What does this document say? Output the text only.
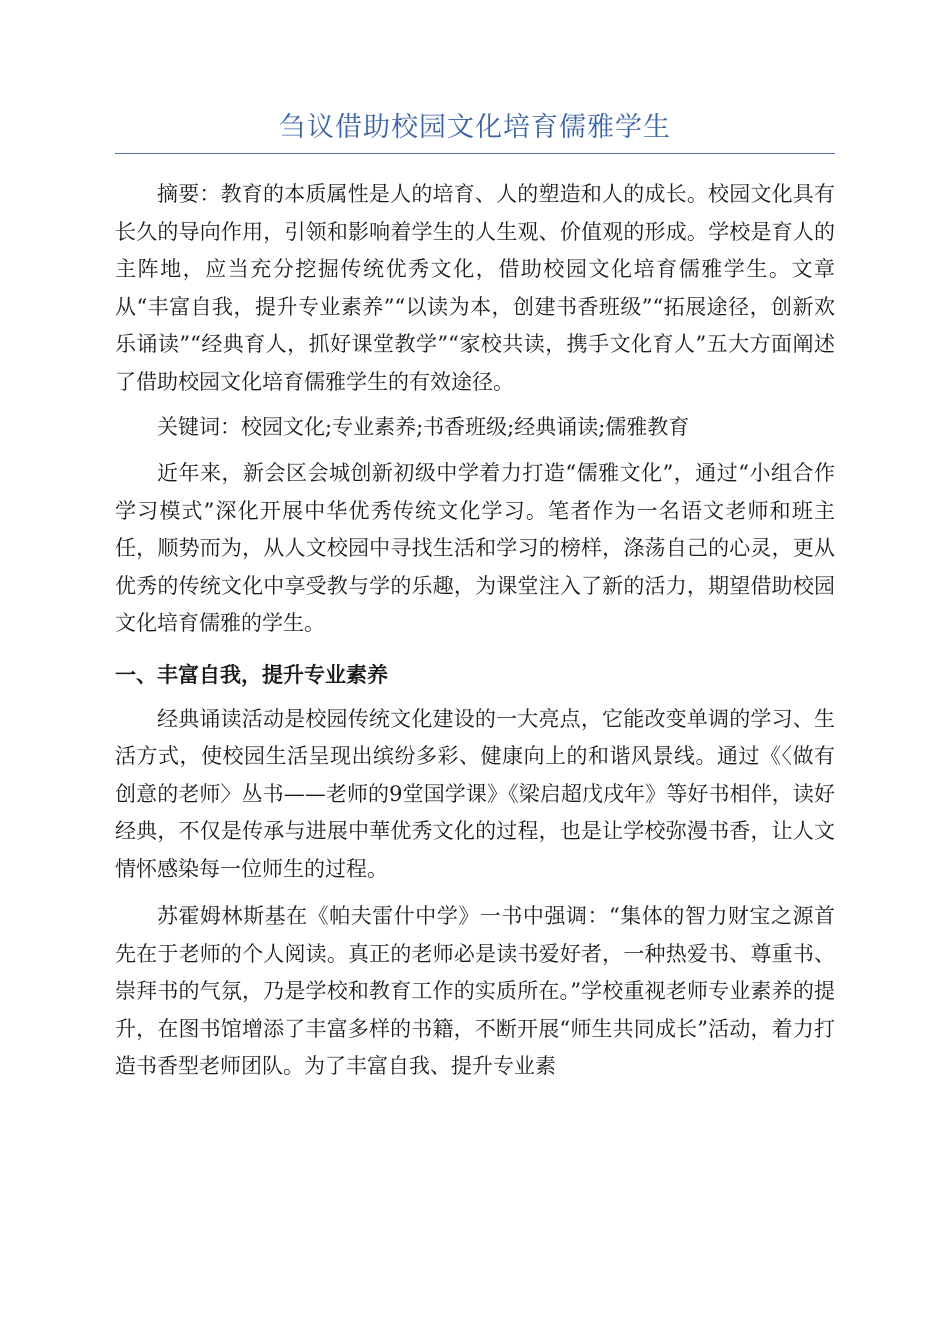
刍议借助校园文化培育儒雅学生

摘要：教育的本质属性是人的培育、人的塑造和人的成长。校园文化具有长久的导向作用，引领和影响着学生的人生观、价值观的形成。学校是育人的主阵地，应当充分挖掘传统优秀文化，借助校园文化培育儒雅学生。文章从“丰富自我，提升专业素养”“以读为本，创建书香班级”“拓展途径，创新欢乐诵读”“经典育人，抓好课堂教学”“家校共读，携手文化育人”五大方面阐述了借助校园文化培育儒雅学生的有效途径。

关键词：校园文化;专业素养;书香班级;经典诵读;儒雅教育

近年来，新会区会城创新初级中学着力打造“儒雅文化”，通过“小组合作学习模式”深化开展中华优秀传统文化学习。笔者作为一名语文老师和班主任，顺势而为，从人文校园中寻找生活和学习的榜样，涤荡自己的心灵，更从优秀的传统文化中享受教与学的乐趣，为课堂注入了新的活力，期望借助校园文化培育儒雅的学生。

一、丰富自我，提升专业素养

经典诵读活动是校园传统文化建设的一大亮点，它能改变单调的学习、生活方式，使校园生活呈现出缤纷多彩、健康向上的和谐风景线。通过《〈做有创意的老师〉丛书——老师的9堂国学课》《梁启超戊戌年》等好书相伴，读好经典，不仅是传承与进展中華优秀文化的过程，也是让学校弥漫书香，让人文情怀感染每一位师生的过程。

苏霍姆林斯基在《帕夫雷什中学》一书中强调：“集体的智力财宝之源首先在于老师的个人阅读。真正的老师必是读书爱好者，一种热爱书、尊重书、崇拜书的气氛，乃是学校和教育工作的实质所在。”学校重视老师专业素养的提升，在图书馆增添了丰富多样的书籍，不断开展“师生共同成长”活动，着力打造书香型老师团队。为了丰富自我、提升专业素
